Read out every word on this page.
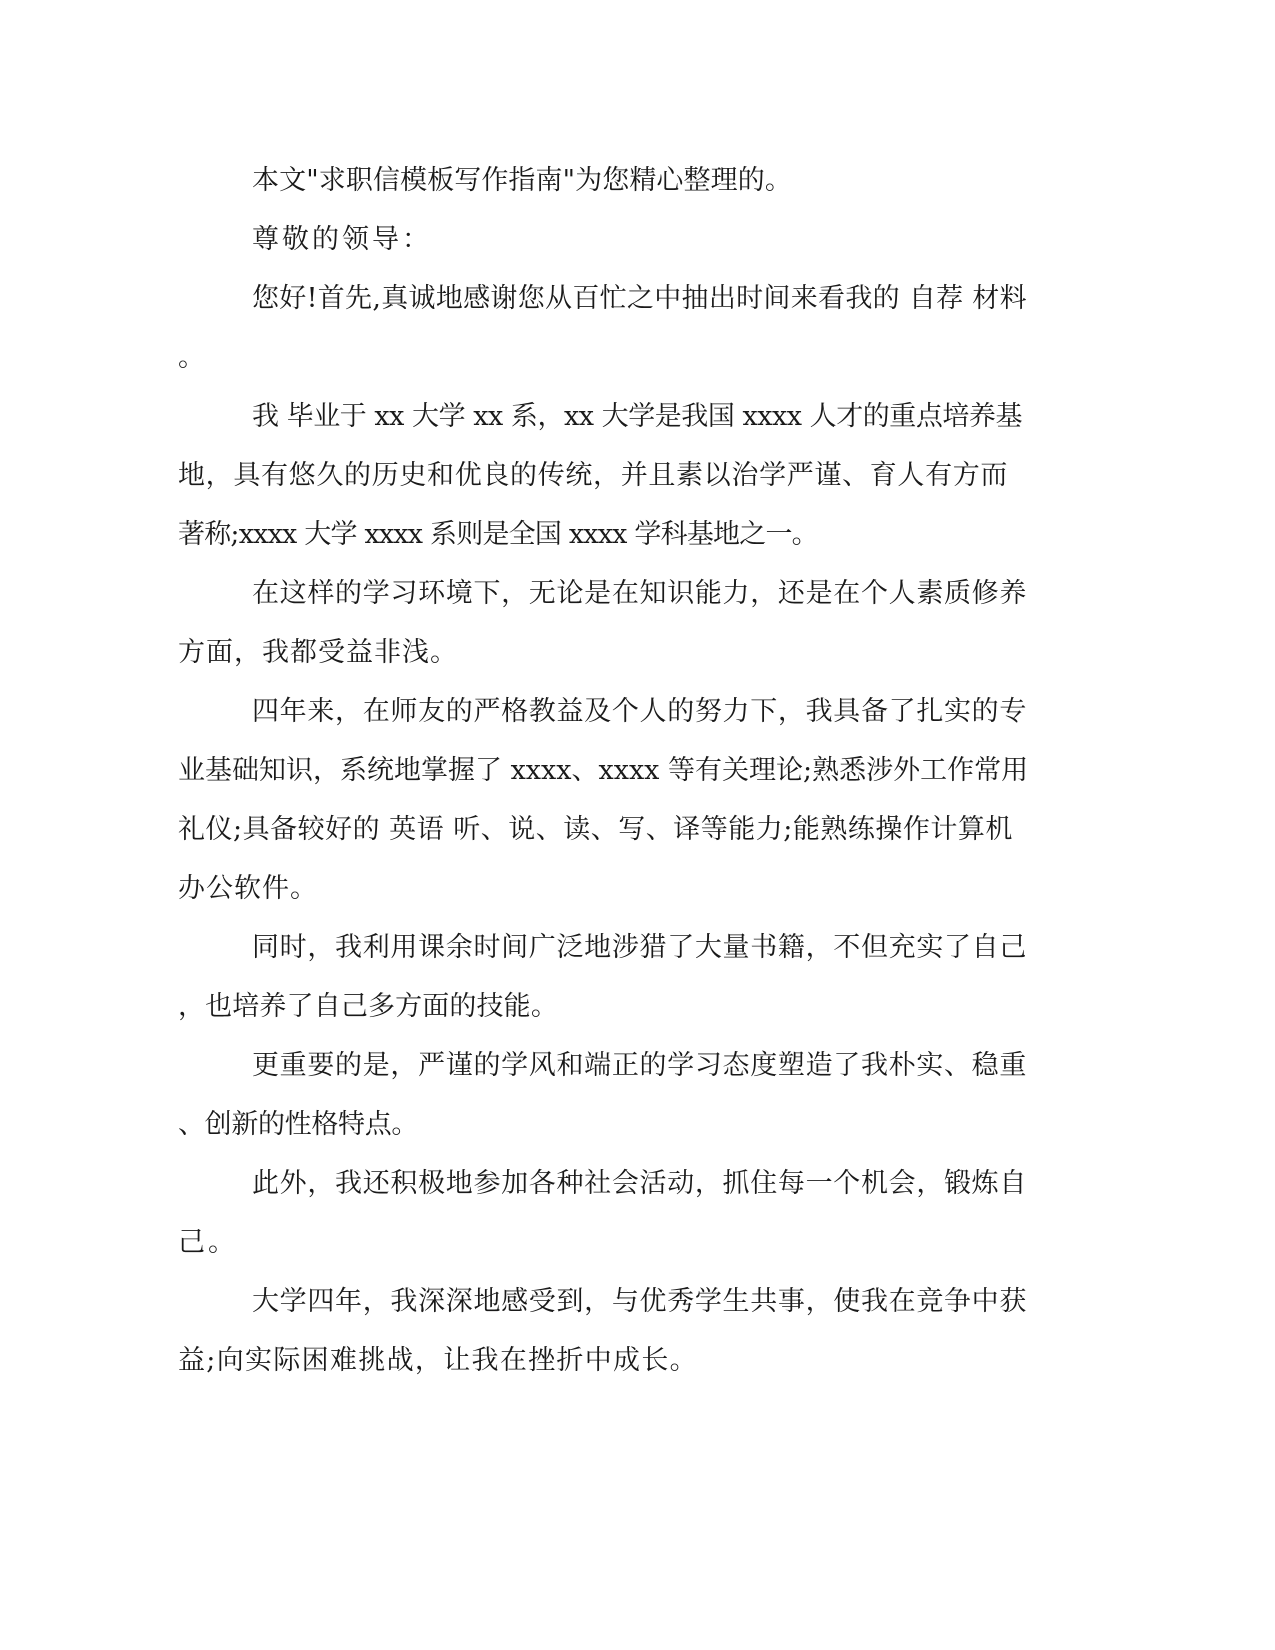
本文"求职信模板写作指南"为您精心整理的。
尊敬的领导：
您好!首先,真诚地感谢您从百忙之中抽出时间来看我的 自荐 材料
。
我 毕业于 xx 大学 xx 系，xx 大学是我国 xxxx 人才的重点培养基
地，具有悠久的历史和优良的传统，并且素以治学严谨、育人有方而
著称;xxxx 大学 xxxx 系则是全国 xxxx 学科基地之一。
在这样的学习环境下，无论是在知识能力，还是在个人素质修养
方面，我都受益非浅。
四年来，在师友的严格教益及个人的努力下，我具备了扎实的专
业基础知识，系统地掌握了 xxxx、xxxx 等有关理论;熟悉涉外工作常用
礼仪;具备较好的 英语 听、说、读、写、译等能力;能熟练操作计算机
办公软件。
同时，我利用课余时间广泛地涉猎了大量书籍，不但充实了自己
，也培养了自己多方面的技能。
更重要的是，严谨的学风和端正的学习态度塑造了我朴实、稳重
、创新的性格特点。
此外，我还积极地参加各种社会活动，抓住每一个机会，锻炼自
己。
大学四年，我深深地感受到，与优秀学生共事，使我在竞争中获
益;向实际困难挑战，让我在挫折中成长。
